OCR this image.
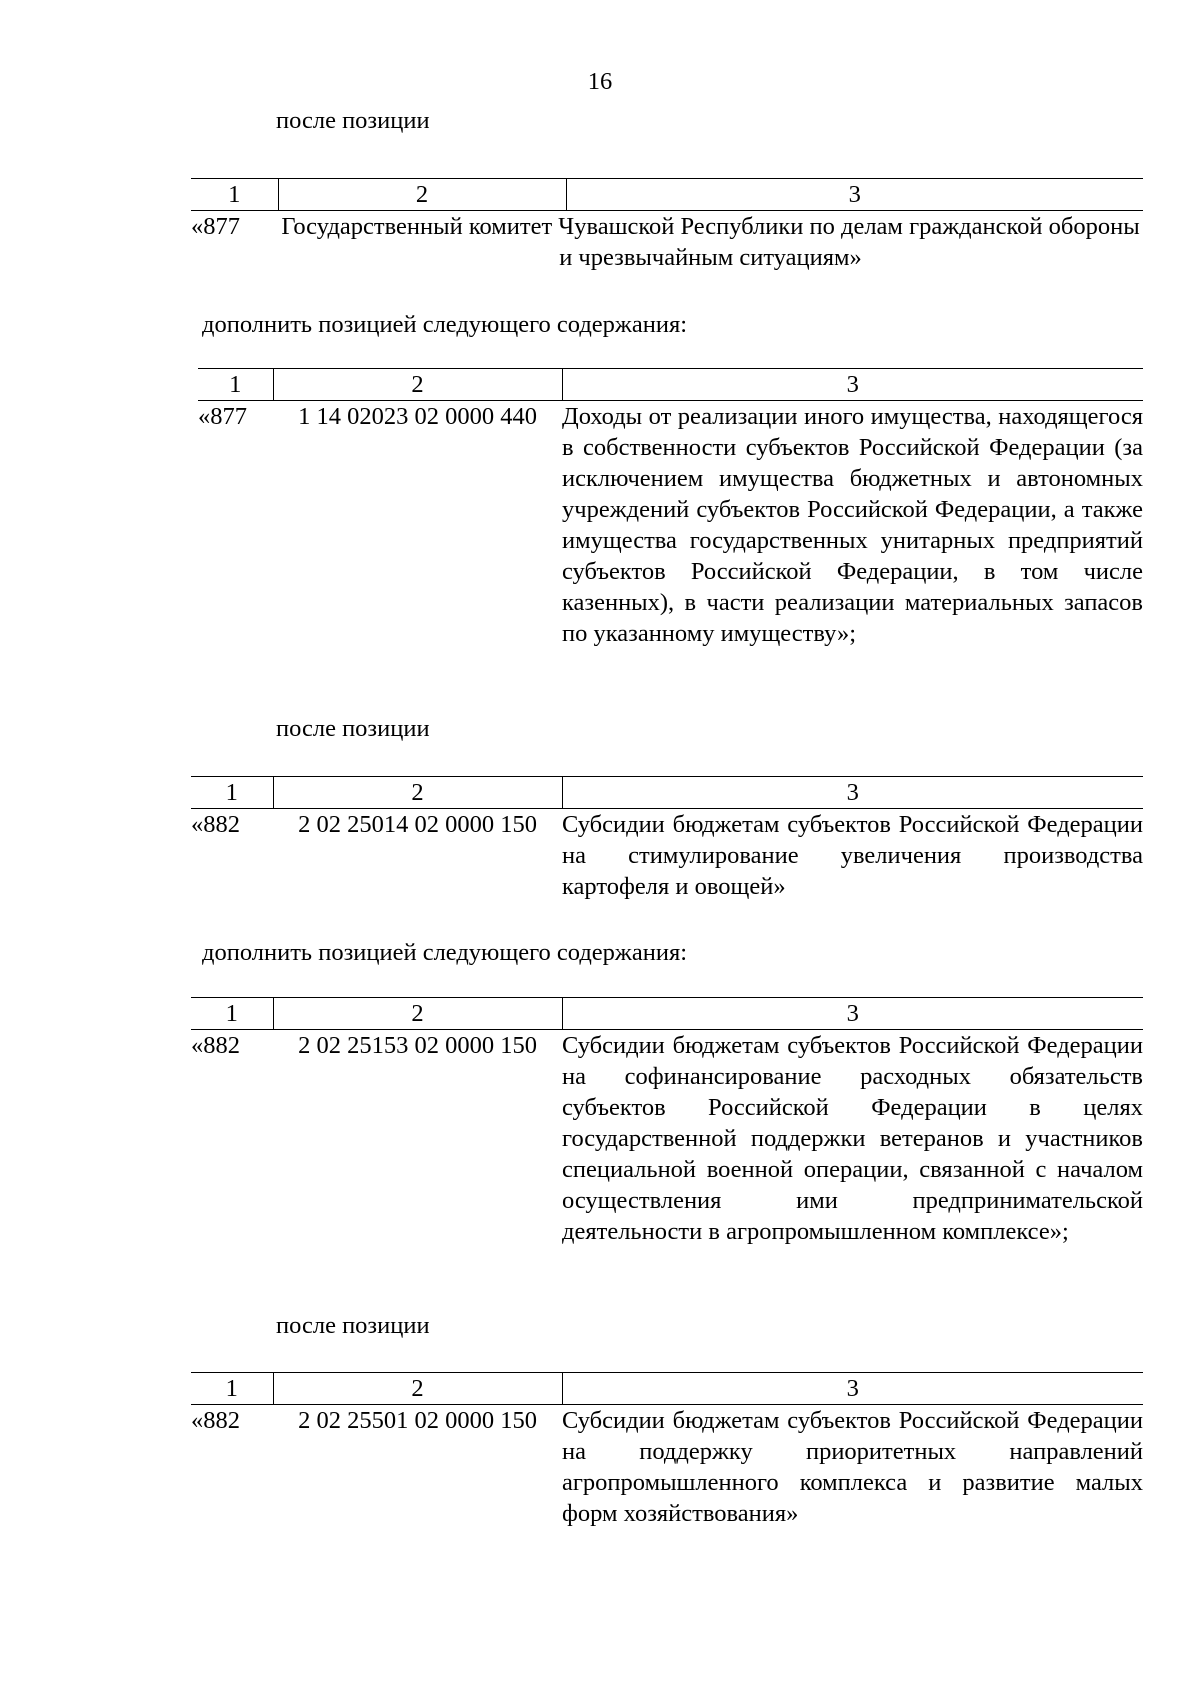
16
после позиции
1	2	3
«877	Государственный комитет Чувашской Республики по делам гражданской обороны и чрезвычайным ситуациям»	
дополнить позицией следующего содержания:
1	2	3
«877	1 14 02023 02 0000 440	Доходы от реализации иного имущества, находящегося в собственности субъектов Российской Федерации (за исключением имущества бюджетных и автономных учреждений субъектов Российской Федерации, а также имущества государственных унитарных предприятий субъектов Российской Федерации, в том числе казенных), в части реализации материальных запасов по указанному имуществу»;
после позиции
1	2	3
«882	2 02 25014 02 0000 150	Субсидии бюджетам субъектов Российской Федерации на стимулирование увеличения производства картофеля и овощей»
дополнить позицией следующего содержания:
1	2	3
«882	2 02 25153 02 0000 150	Субсидии бюджетам субъектов Российской Федерации на софинансирование расходных обязательств субъектов Российской Федерации в целях государственной поддержки ветеранов и участников специальной военной операции, связанной с началом осуществления ими предпринимательской деятельности в агропромышленном комплексе»;
после позиции
1	2	3
«882	2 02 25501 02 0000 150	Субсидии бюджетам субъектов Российской Федерации на поддержку приоритетных направлений агропромышленного комплекса и развитие малых форм хозяйствования»
